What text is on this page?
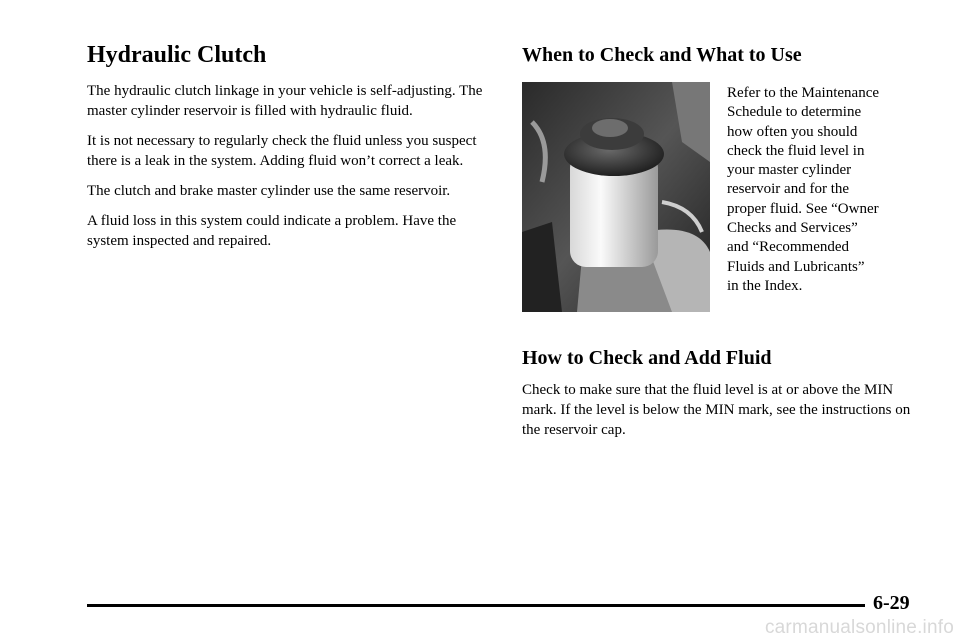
Hydraulic Clutch

The hydraulic clutch linkage in your vehicle is self‑adjusting. The master cylinder reservoir is filled with hydraulic fluid.

It is not necessary to regularly check the fluid unless you suspect there is a leak in the system. Adding fluid won’t correct a leak.

The clutch and brake master cylinder use the same reservoir.

A fluid loss in this system could indicate a problem. Have the system inspected and repaired.

When to Check and What to Use
Refer to the Maintenance
Schedule to determine
how often you should
check the fluid level in
your master cylinder
reservoir and for the
proper fluid. See “Owner
Checks and Services”
and “Recommended
Fluids and Lubricants”
in the Index.
How to Check and Add Fluid

Check to make sure that the fluid level is at or above the MIN mark. If the level is below the MIN mark, see the instructions on the reservoir cap.

6-29
carmanualsonline.info
